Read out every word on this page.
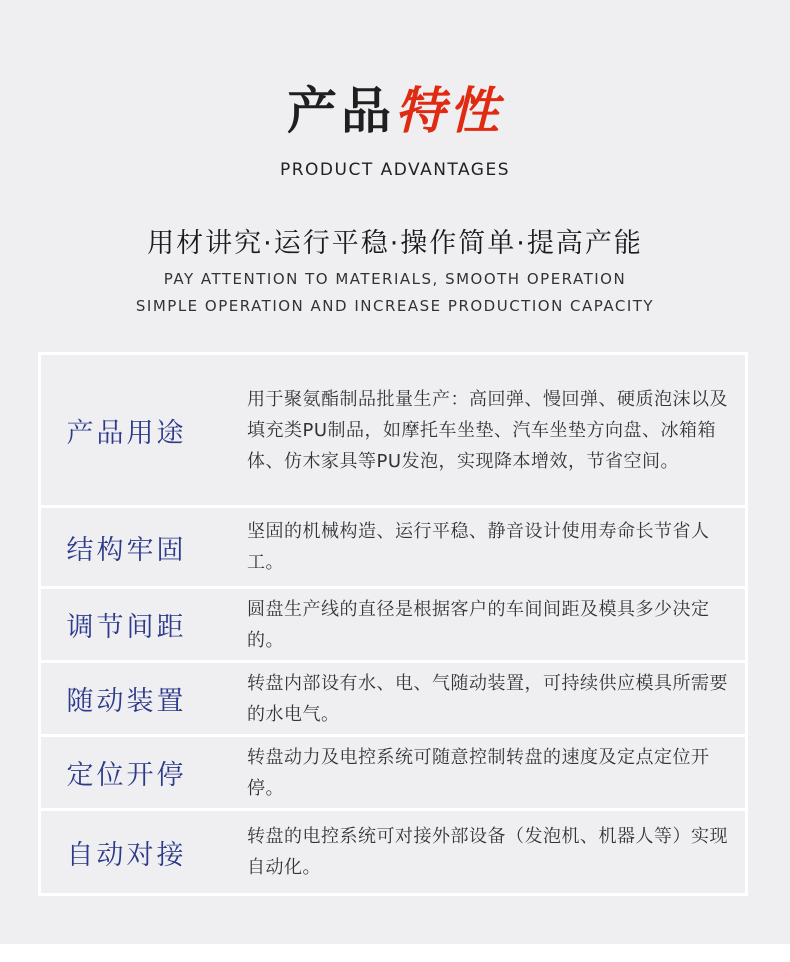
产品特性
PRODUCT ADVANTAGES
用材讲究·运行平稳·操作简单·提高产能
PAY ATTENTION TO MATERIALS, SMOOTH OPERATION
SIMPLE OPERATION AND INCREASE PRODUCTION CAPACITY
产品用途
用于聚氨酯制品批量生产：高回弹、慢回弹、硬质泡沫以及填充类PU制品，如摩托车坐垫、汽车坐垫方向盘、冰箱箱体、仿木家具等PU发泡，实现降本增效，节省空间。
结构牢固
坚固的机械构造、运行平稳、静音设计使用寿命长节省人工。
调节间距
圆盘生产线的直径是根据客户的车间间距及模具多少决定的。
随动装置
转盘内部设有水、电、气随动装置，可持续供应模具所需要的水电气。
定位开停
转盘动力及电控系统可随意控制转盘的速度及定点定位开停。
自动对接
转盘的电控系统可对接外部设备（发泡机、机器人等）实现自动化。
